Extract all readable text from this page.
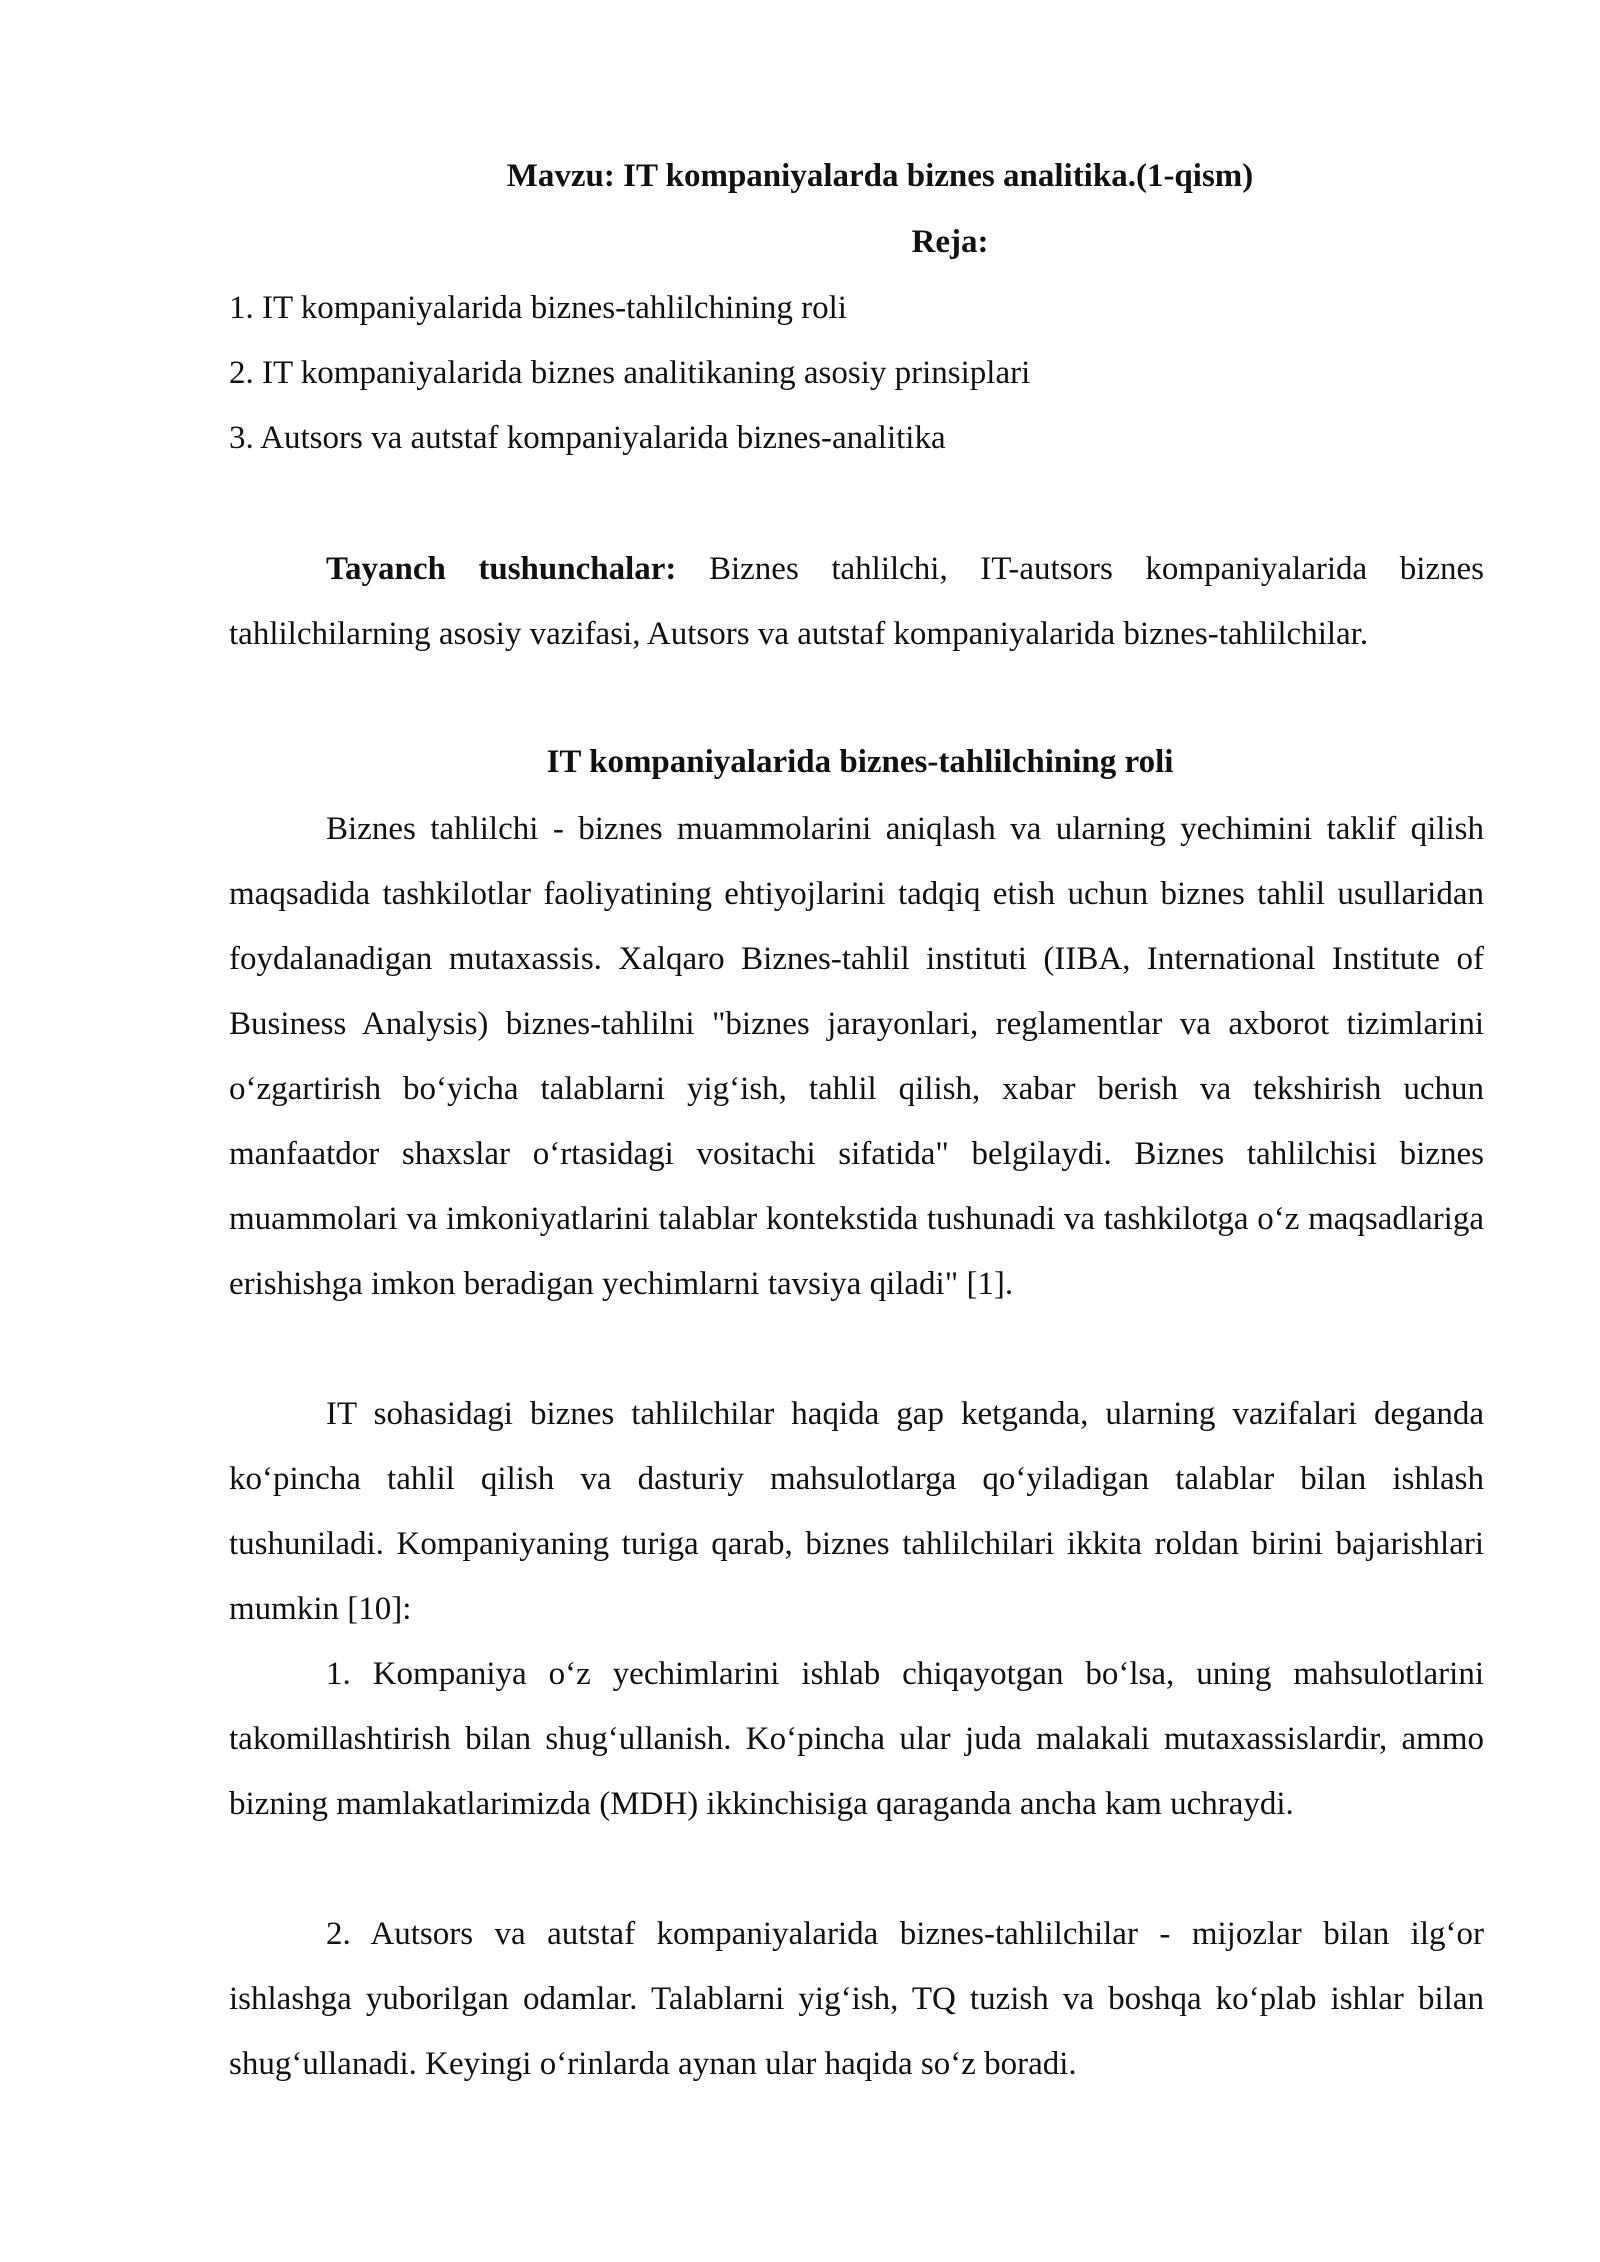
Mavzu: IT kompaniyalarda biznes analitika.(1-qism)
Reja:
1. IT kompaniyalarida biznes-tahlilchining roli
2. IT kompaniyalarida biznes analitikaning asosiy prinsiplari
3. Autsors va autstaf kompaniyalarida biznes-analitika

Tayanch tushunchalar: Biznes tahlilchi, IT-autsors kompaniyalarida biznes tahlilchilarning asosiy vazifasi, Autsors va autstaf kompaniyalarida biznes-tahlilchilar.

IT kompaniyalarida biznes-tahlilchining roli

Biznes tahlilchi - biznes muammolarini aniqlash va ularning yechimini taklif qilish maqsadida tashkilotlar faoliyatining ehtiyojlarini tadqiq etish uchun biznes tahlil usullaridan foydalanadigan mutaxassis. Xalqaro Biznes-tahlil instituti (IIBA, International Institute of Business Analysis) biznes-tahlilni "biznes jarayonlari, reglamentlar va axborot tizimlarini o‘zgartirish bo‘yicha talablarni yig‘ish, tahlil qilish, xabar berish va tekshirish uchun manfaatdor shaxslar o‘rtasidagi vositachi sifatida" belgilaydi. Biznes tahlilchisi biznes muammolari va imkoniyatlarini talablar kontekstida tushunadi va tashkilotga o‘z maqsadlariga erishishga imkon beradigan yechimlarni tavsiya qiladi" [1].

IT sohasidagi biznes tahlilchilar haqida gap ketganda, ularning vazifalari deganda ko‘pincha tahlil qilish va dasturiy mahsulotlarga qo‘yiladigan talablar bilan ishlash tushuniladi. Kompaniyaning turiga qarab, biznes tahlilchilari ikkita roldan birini bajarishlari mumkin [10]:

1. Kompaniya o‘z yechimlarini ishlab chiqayotgan bo‘lsa, uning mahsulotlarini takomillashtirish bilan shug‘ullanish. Ko‘pincha ular juda malakali mutaxassislardir, ammo bizning mamlakatlarimizda (MDH) ikkinchisiga qaraganda ancha kam uchraydi.

2. Autsors va autstaf kompaniyalarida biznes-tahlilchilar - mijozlar bilan ilg‘or ishlashga yuborilgan odamlar. Talablarni yig‘ish, TQ tuzish va boshqa ko‘plab ishlar bilan shug‘ullanadi. Keyingi o‘rinlarda aynan ular haqida so‘z boradi.
